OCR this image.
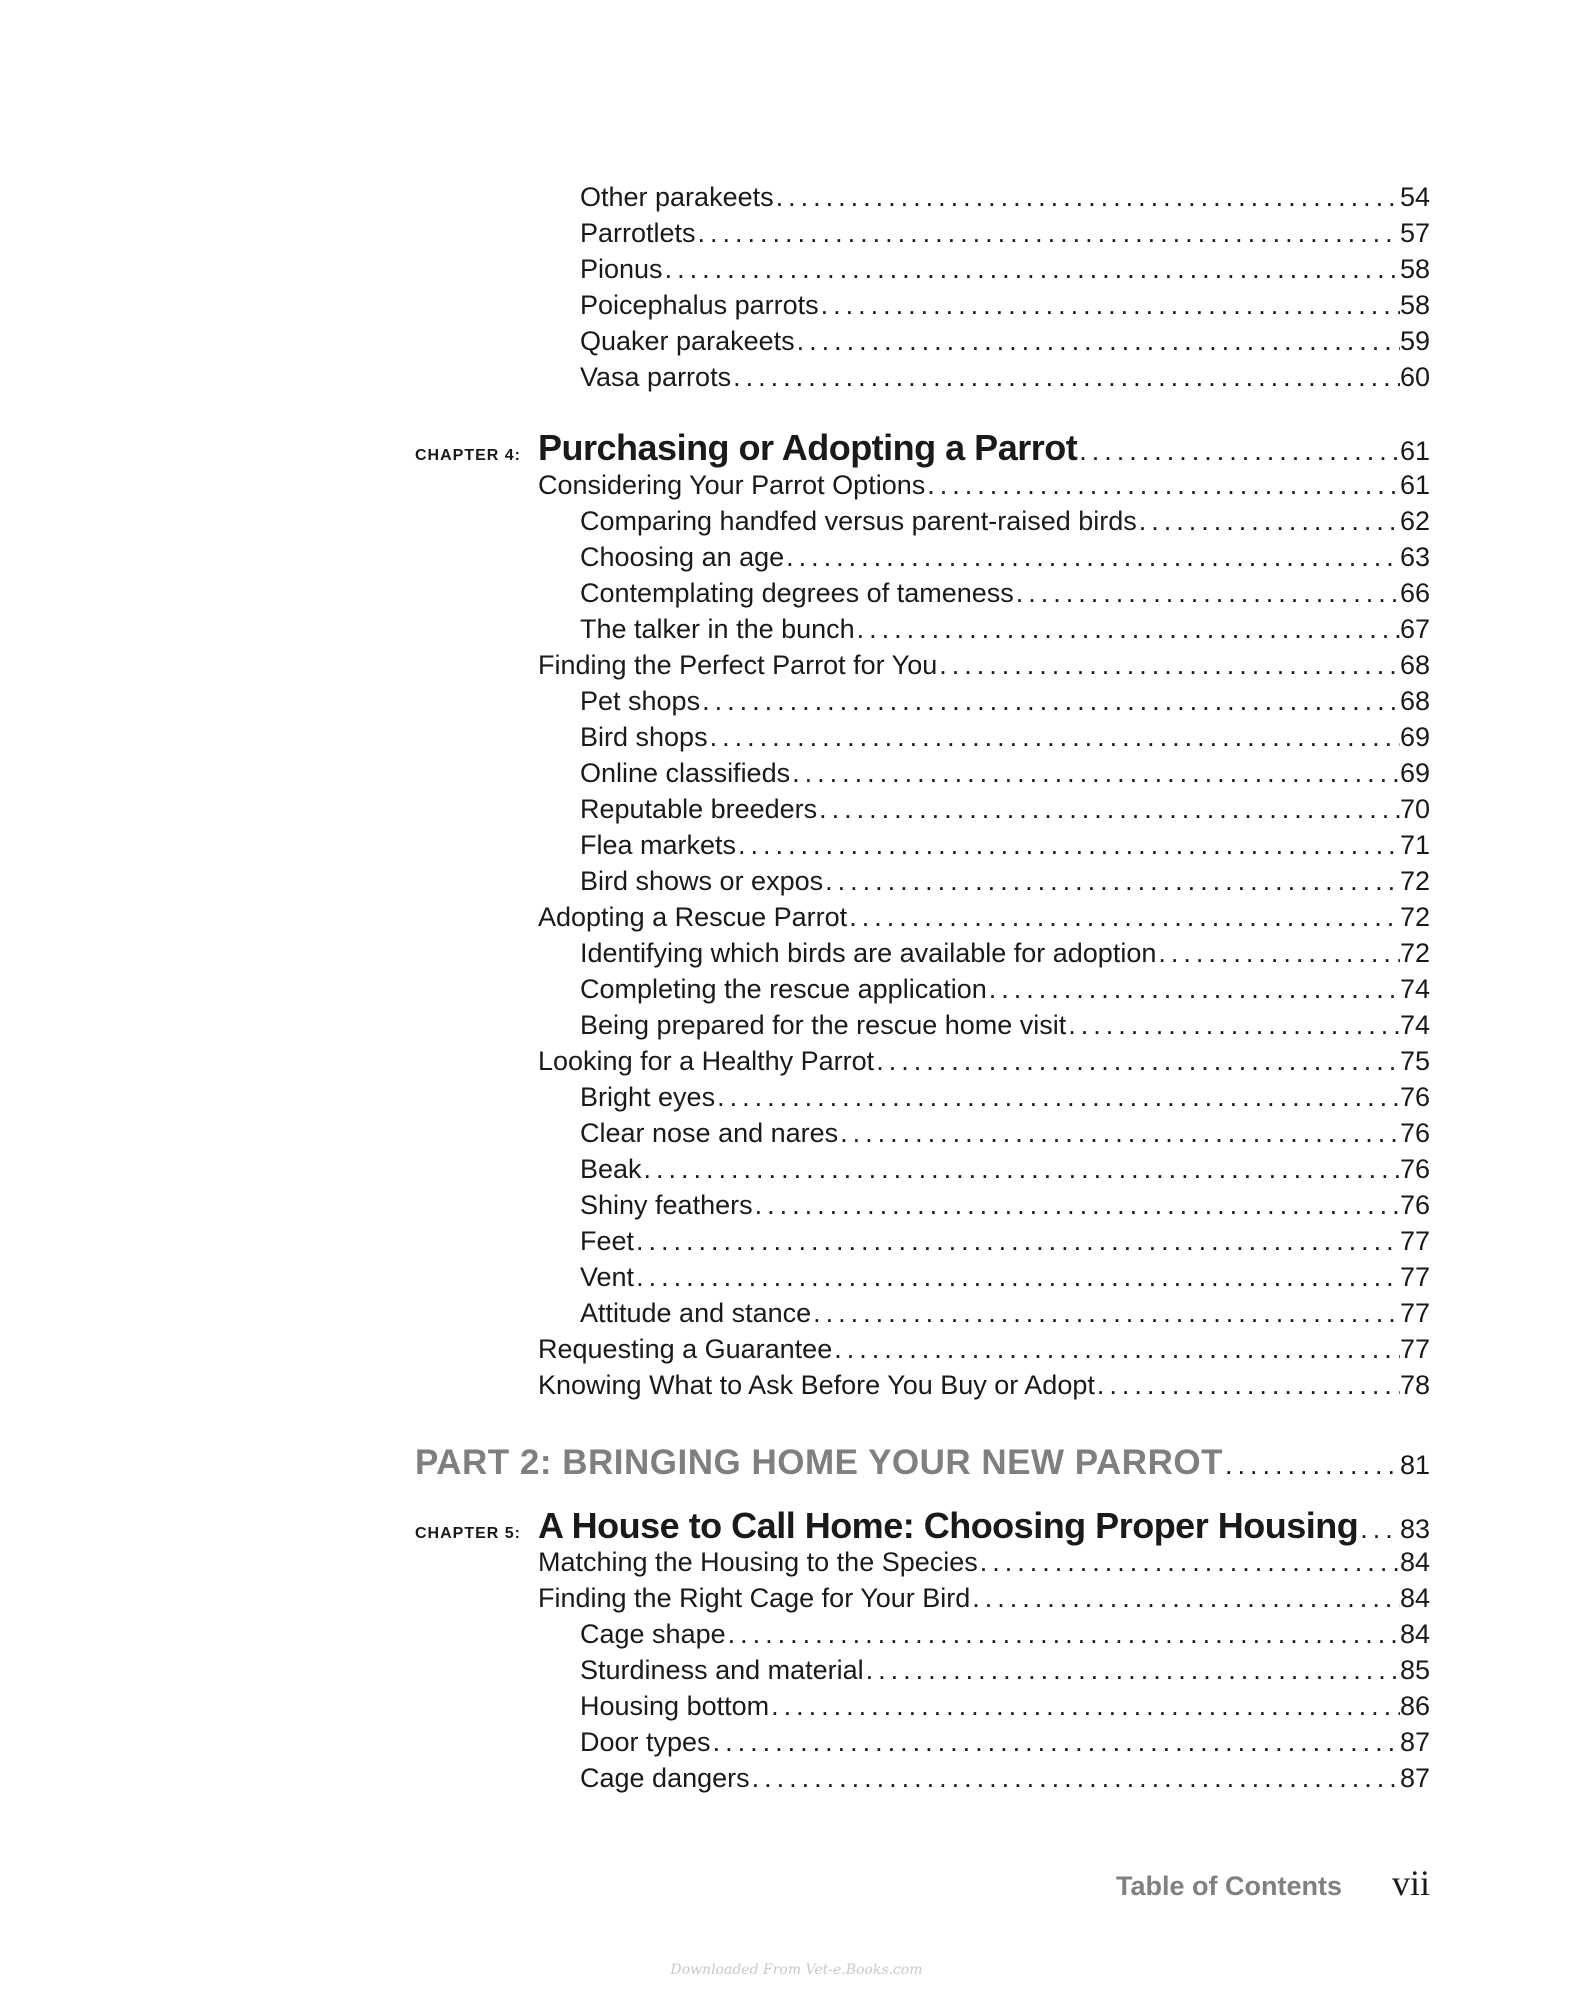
Other parakeets .....	54
Parrotlets .....	57
Pionus .....	58
Poicephalus parrots .....	58
Quaker parakeets .....	59
Vasa parrots .....	60
CHAPTER 4: Purchasing or Adopting a Parrot .....	61
Considering Your Parrot Options .....	61
Comparing handfed versus parent-raised birds .....	62
Choosing an age .....	63
Contemplating degrees of tameness .....	66
The talker in the bunch .....	67
Finding the Perfect Parrot for You .....	68
Pet shops .....	68
Bird shops .....	69
Online classifieds .....	69
Reputable breeders .....	70
Flea markets .....	71
Bird shows or expos .....	72
Adopting a Rescue Parrot .....	72
Identifying which birds are available for adoption .....	72
Completing the rescue application .....	74
Being prepared for the rescue home visit .....	74
Looking for a Healthy Parrot .....	75
Bright eyes .....	76
Clear nose and nares .....	76
Beak .....	76
Shiny feathers .....	76
Feet .....	77
Vent .....	77
Attitude and stance .....	77
Requesting a Guarantee .....	77
Knowing What to Ask Before You Buy or Adopt .....	78
PART 2: BRINGING HOME YOUR NEW PARROT .....	81
CHAPTER 5: A House to Call Home: Choosing Proper Housing ..... 83
Matching the Housing to the Species .....	84
Finding the Right Cage for Your Bird .....	84
Cage shape .....	84
Sturdiness and material .....	85
Housing bottom .....	86
Door types .....	87
Cage dangers .....	87
Table of Contents vii
Downloaded From Vet-e.Books.com
